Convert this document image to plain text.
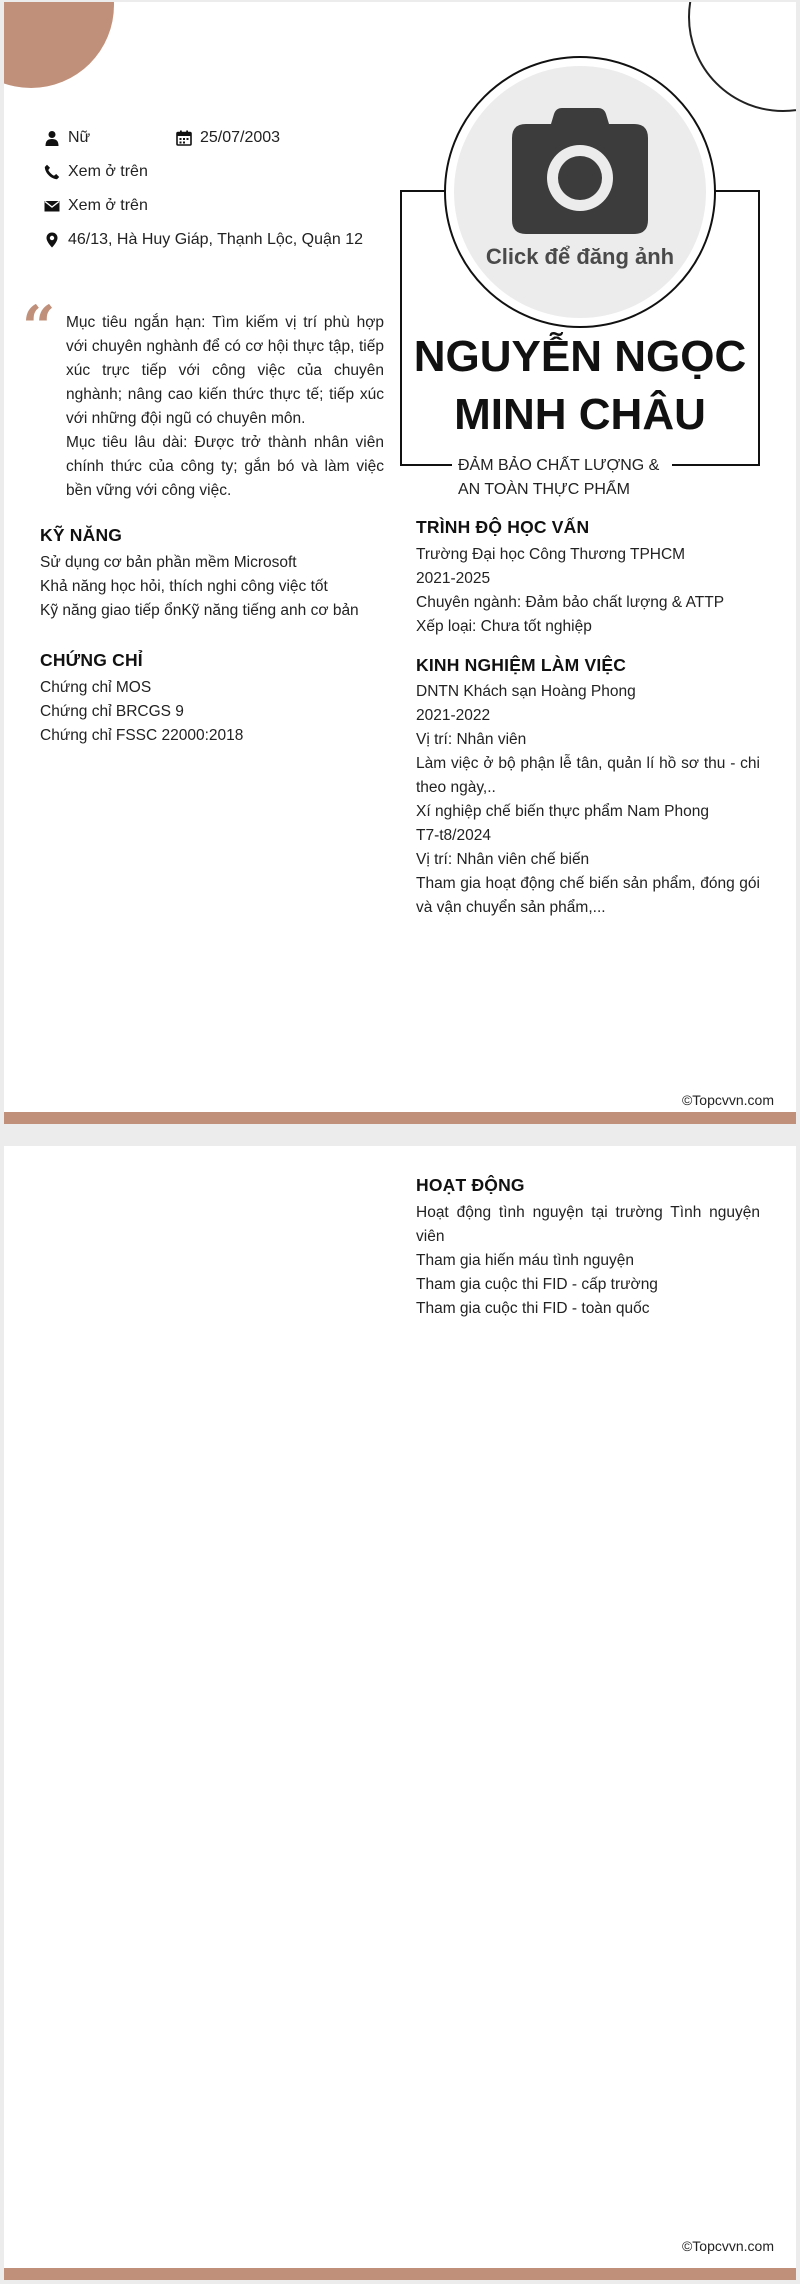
Nữ	25/07/2003
Xem ở trên
Xem ở trên
46/13, Hà Huy Giáp, Thạnh Lộc, Quận 12
“ Mục tiêu ngắn hạn: Tìm kiếm vị trí phù hợp với chuyên nghành để có cơ hội thực tập, tiếp xúc trực tiếp với công việc của chuyên nghành; nâng cao kiến thức thực tế; tiếp xúc với những đội ngũ có chuyên môn.
Mục tiêu lâu dài: Được trở thành nhân viên chính thức của công ty; gắn bó và làm việc bền vững với công việc.
KỸ NĂNG
Sử dụng cơ bản phần mềm Microsoft
Khả năng học hỏi, thích nghi công việc tốt
Kỹ năng giao tiếp ổnKỹ năng tiếng anh cơ bản
CHỨNG CHỈ
Chứng chỉ MOS
Chứng chỉ BRCGS 9
Chứng chỉ FSSC 22000:2018
Click để đăng ảnh
NGUYỄN NGỌC
MINH CHÂU
ĐẢM BẢO CHẤT LƯỢNG & AN TOÀN THỰC PHẨM
TRÌNH ĐỘ HỌC VẤN
Trường Đại học Công Thương TPHCM
2021-2025
Chuyên ngành: Đảm bảo chất lượng & ATTP
Xếp loại: Chưa tốt nghiệp
KINH NGHIỆM LÀM VIỆC
DNTN Khách sạn Hoàng Phong
2021-2022
Vị trí: Nhân viên
Làm việc ở bộ phận lễ tân, quản lí hồ sơ thu - chi theo ngày,..
Xí nghiệp chế biến thực phẩm Nam Phong
T7-t8/2024
Vị trí: Nhân viên chế biến
Tham gia hoạt động chế biến sản phẩm, đóng gói và vận chuyển sản phẩm,...
©Topcvvn.com
HOẠT ĐỘNG
Hoạt động tình nguyện tại trường Tình nguyện viên
Tham gia hiến máu tình nguyện
Tham gia cuộc thi FID - cấp trường
Tham gia cuộc thi FID - toàn quốc
©Topcvvn.com
